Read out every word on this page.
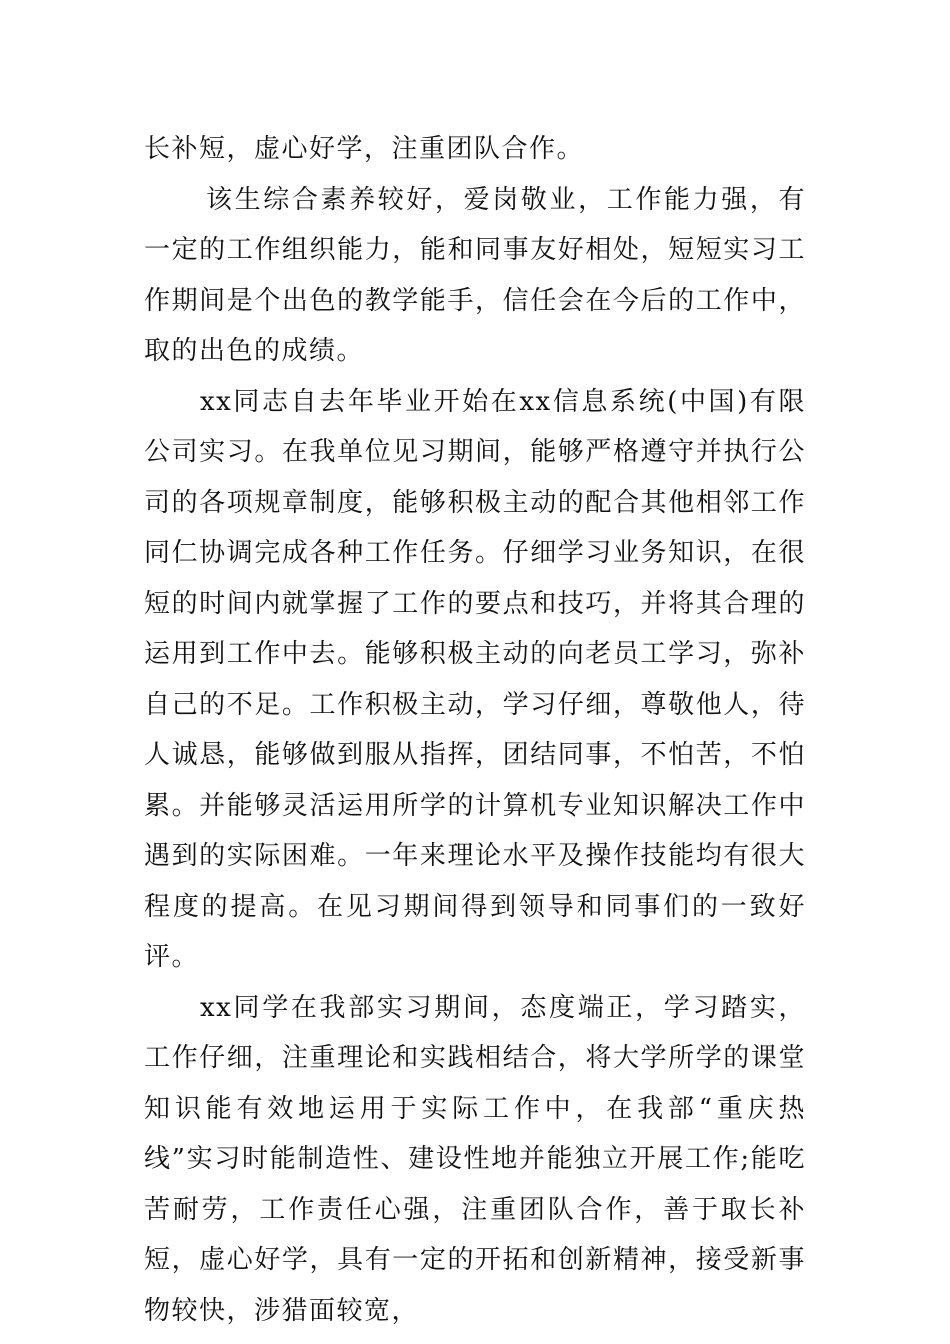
长补短，虚心好学，注重团队合作。

该生综合素养较好，爱岗敬业，工作能力强，有一定的工作组织能力，能和同事友好相处，短短实习工作期间是个出色的教学能手，信任会在今后的工作中，取的出色的成绩。

xx同志自去年毕业开始在xx信息系统(中国)有限公司实习。在我单位见习期间，能够严格遵守并执行公司的各项规章制度，能够积极主动的配合其他相邻工作同仁协调完成各种工作任务。仔细学习业务知识，在很短的时间内就掌握了工作的要点和技巧，并将其合理的运用到工作中去。能够积极主动的向老员工学习，弥补自己的不足。工作积极主动，学习仔细，尊敬他人，待人诚恳，能够做到服从指挥，团结同事，不怕苦，不怕累。并能够灵活运用所学的计算机专业知识解决工作中遇到的实际困难。一年来理论水平及操作技能均有很大程度的提高。在见习期间得到领导和同事们的一致好评。

xx同学在我部实习期间，态度端正，学习踏实，工作仔细，注重理论和实践相结合，将大学所学的课堂知识能有效地运用于实际工作中，在我部“重庆热线”实习时能制造性、建设性地并能独立开展工作;能吃苦耐劳，工作责任心强，注重团队合作，善于取长补短，虚心好学，具有一定的开拓和创新精神，接受新事物较快，涉猎面较宽，
